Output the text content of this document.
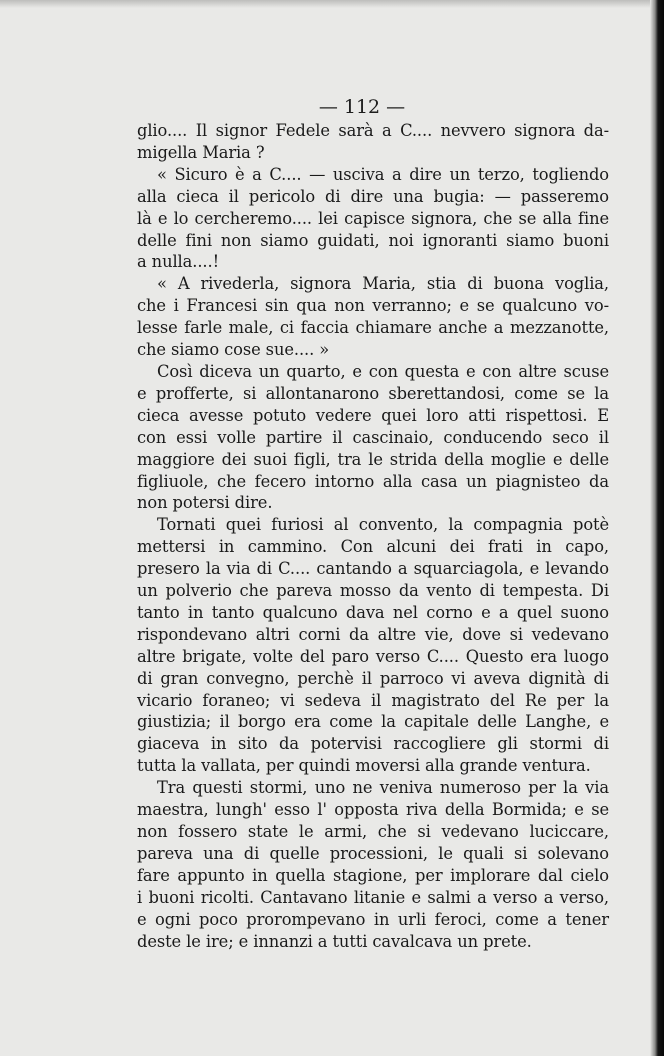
— 112 —

glio.... Il signor Fedele sarà a C.... nevvero signora da-
migella Maria ?

« Sicuro è a C.... — usciva a dire un terzo, togliendo
alla cieca il pericolo di dire una bugia: — passeremo
là e lo cercheremo.... lei capisce signora, che se alla fine
delle fini non siamo guidati, noi ignoranti siamo buoni
a nulla....!

« A rivederla, signora Maria, stia di buona voglia,
che i Francesi sin qua non verranno; e se qualcuno vo-
lesse farle male, ci faccia chiamare anche a mezzanotte,
che siamo cose sue.... »

Così diceva un quarto, e con questa e con altre scuse
e profferte, si allontanarono sberettandosi, come se la
cieca avesse potuto vedere quei loro atti rispettosi. E
con essi volle partire il cascinaio, conducendo seco il
maggiore dei suoi figli, tra le strida della moglie e delle
figliuole, che fecero intorno alla casa un piagnisteo da
non potersi dire.

Tornati quei furiosi al convento, la compagnia potè
mettersi in cammino. Con alcuni dei frati in capo,
presero la via di C.... cantando a squarciagola, e levando
un polverio che pareva mosso da vento di tempesta. Di
tanto in tanto qualcuno dava nel corno e a quel suono
rispondevano altri corni da altre vie, dove si vedevano
altre brigate, volte del paro verso C.... Questo era luogo
di gran convegno, perchè il parroco vi aveva dignità di
vicario foraneo; vi sedeva il magistrato del Re per la
giustizia; il borgo era come la capitale delle Langhe, e
giaceva in sito da potervisi raccogliere gli stormi di
tutta la vallata, per quindi moversi alla grande ventura.

Tra questi stormi, uno ne veniva numeroso per la via
maestra, lungh' esso l' opposta riva della Bormida; e se
non fossero state le armi, che si vedevano luciccare,
pareva una di quelle processioni, le quali si solevano
fare appunto in quella stagione, per implorare dal cielo
i buoni ricolti. Cantavano litanie e salmi a verso a verso,
e ogni poco prorompevano in urli feroci, come a tener
deste le ire; e innanzi a tutti cavalcava un prete.
